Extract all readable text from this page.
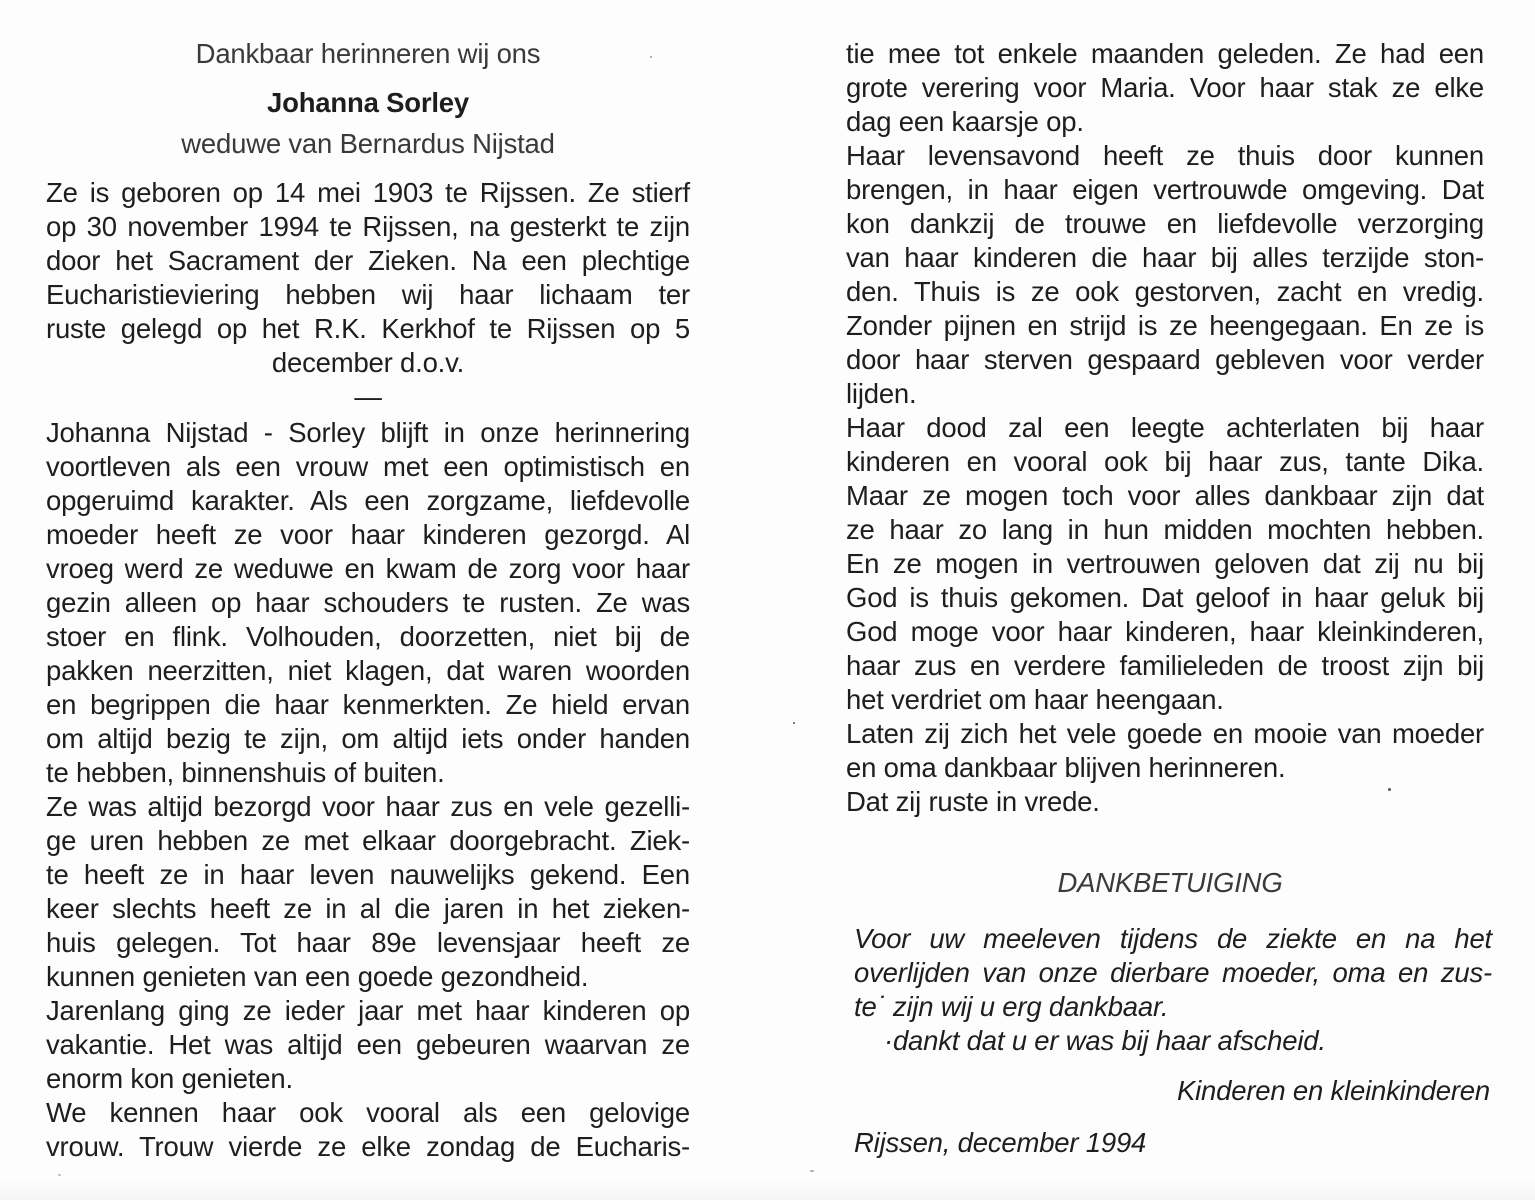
Dankbaar herinneren wij ons
Johanna Sorley
weduwe van Bernardus Nijstad
Ze is geboren op 14 mei 1903 te Rijssen. Ze stierf
op 30 november 1994 te Rijssen, na gesterkt te zijn
door het Sacrament der Zieken. Na een plechtige
Eucharistieviering hebben wij haar lichaam ter
ruste gelegd op het R.K. Kerkhof te Rijssen op 5
december d.o.v.
—
Johanna Nijstad - Sorley blijft in onze herinnering
voortleven als een vrouw met een optimistisch en
opgeruimd karakter. Als een zorgzame, liefdevolle
moeder heeft ze voor haar kinderen gezorgd. Al
vroeg werd ze weduwe en kwam de zorg voor haar
gezin alleen op haar schouders te rusten. Ze was
stoer en flink. Volhouden, doorzetten, niet bij de
pakken neerzitten, niet klagen, dat waren woorden
en begrippen die haar kenmerkten. Ze hield ervan
om altijd bezig te zijn, om altijd iets onder handen
te hebben, binnenshuis of buiten.
Ze was altijd bezorgd voor haar zus en vele gezelli-
ge uren hebben ze met elkaar doorgebracht. Ziek-
te heeft ze in haar leven nauwelijks gekend. Een
keer slechts heeft ze in al die jaren in het zieken-
huis gelegen. Tot haar 89e levensjaar heeft ze
kunnen genieten van een goede gezondheid.
Jarenlang ging ze ieder jaar met haar kinderen op
vakantie. Het was altijd een gebeuren waarvan ze
enorm kon genieten.
We kennen haar ook vooral als een gelovige
vrouw. Trouw vierde ze elke zondag de Eucharis-
tie mee tot enkele maanden geleden. Ze had een
grote verering voor Maria. Voor haar stak ze elke
dag een kaarsje op.
Haar levensavond heeft ze thuis door kunnen
brengen, in haar eigen vertrouwde omgeving. Dat
kon dankzij de trouwe en liefdevolle verzorging
van haar kinderen die haar bij alles terzijde ston-
den. Thuis is ze ook gestorven, zacht en vredig.
Zonder pijnen en strijd is ze heengegaan. En ze is
door haar sterven gespaard gebleven voor verder
lijden.
Haar dood zal een leegte achterlaten bij haar
kinderen en vooral ook bij haar zus, tante Dika.
Maar ze mogen toch voor alles dankbaar zijn dat
ze haar zo lang in hun midden mochten hebben.
En ze mogen in vertrouwen geloven dat zij nu bij
God is thuis gekomen. Dat geloof in haar geluk bij
God moge voor haar kinderen, haar kleinkinderen,
haar zus en verdere familieleden de troost zijn bij
het verdriet om haar heengaan.
Laten zij zich het vele goede en mooie van moeder
en oma dankbaar blijven herinneren.
Dat zij ruste in vrede.
DANKBETUIGING
Voor uw meeleven tijdens de ziekte en na het
overlijden van onze dierbare moeder, oma en zus-
te˙ zijn wij u erg dankbaar.
·dankt dat u er was bij haar afscheid.
Kinderen en kleinkinderen
Rijssen, december 1994
